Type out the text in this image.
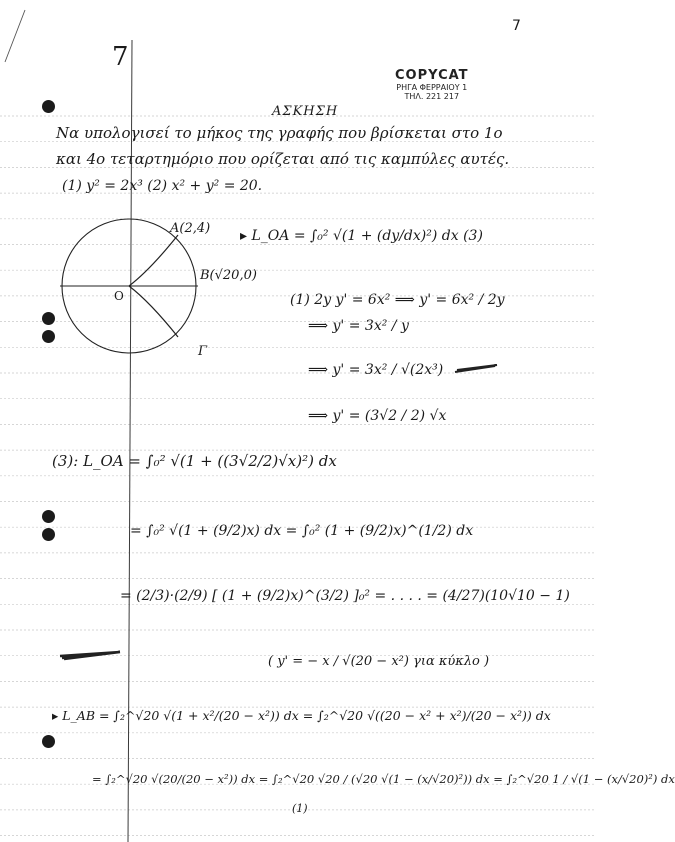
7
7
COPYCAT
ΡΗΓΑ ΦΕΡΡΑΙΟΥ 1
ΤΗΛ. 221 217
ΑΣΚΗΣΗ
Να υπολογισεί το μήκος της γραφής που βρίσκεται στο 1ο
και 4ο τεταρτημόριο που ορίζεται από τις καμπύλες αυτές.
(1) y² = 2x³ (2) x² + y² = 20.
A(2,4)
B(√20,0)
O
Γ
▸ L_OA = ∫₀² √(1 + (dy/dx)²) dx (3)
(1) 2y y' = 6x² ⟹ y' = 6x² / 2y
⟹ y' = 3x² / y
⟹ y' = 3x² / √(2x³)
⟹ y' = (3√2 / 2) √x
(3): L_OA = ∫₀² √(1 + ((3√2/2)√x)²) dx
= ∫₀² √(1 + (9/2)x) dx = ∫₀² (1 + (9/2)x)^(1/2) dx
= (2/3)·(2/9) [ (1 + (9/2)x)^(3/2) ]₀² = . . . . = (4/27)(10√10 − 1)
( y' = − x / √(20 − x²) για κύκλο )
▸ L_AB = ∫₂^√20 √(1 + x²/(20 − x²)) dx = ∫₂^√20 √((20 − x² + x²)/(20 − x²)) dx
= ∫₂^√20 √(20/(20 − x²)) dx = ∫₂^√20 √20 / (√20 √(1 − (x/√20)²)) dx = ∫₂^√20 1 / √(1 − (x/√20)²) dx
(1)
